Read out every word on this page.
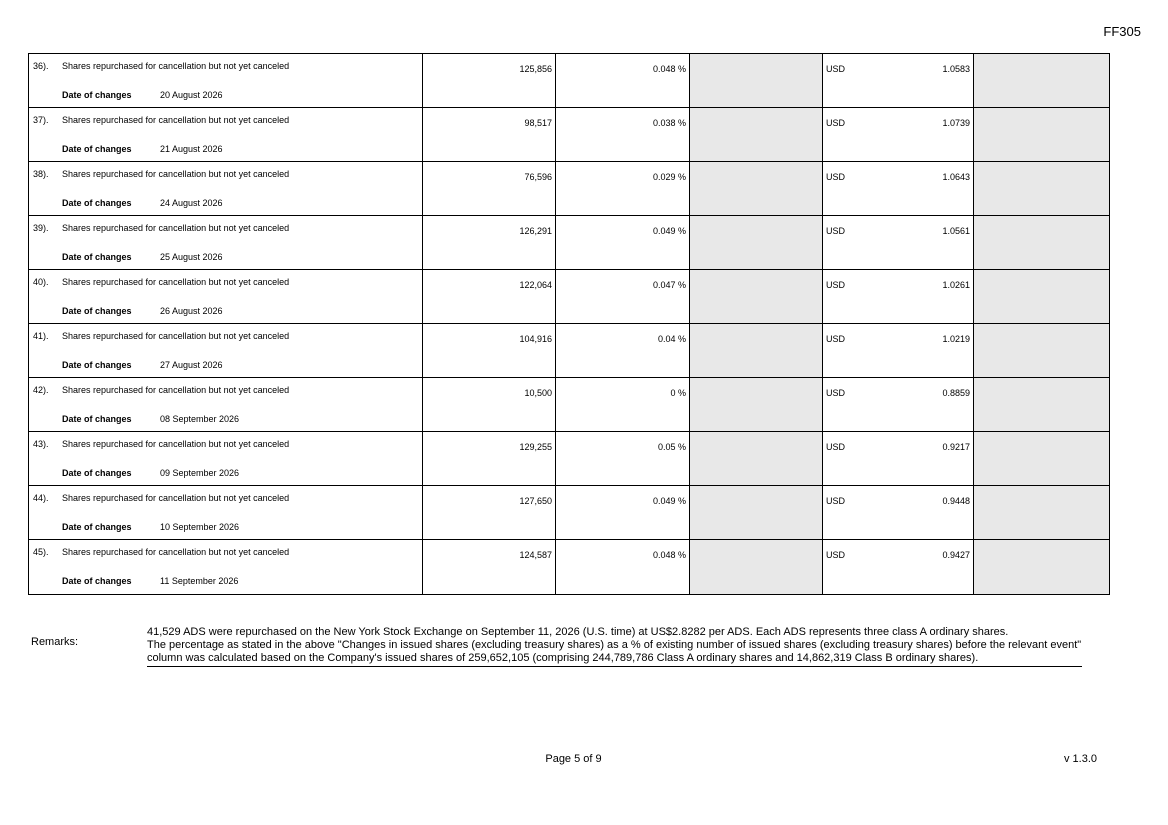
FF305
36). Shares repurchased for cancellation but not yet canceled
Date of changes 20 August 2026	125,856	0.048 %		USD 1.0583	

37). Shares repurchased for cancellation but not yet canceled
Date of changes 21 August 2026	98,517	0.038 %		USD 1.0739	

38). Shares repurchased for cancellation but not yet canceled
Date of changes 24 August 2026	76,596	0.029 %		USD 1.0643	

39). Shares repurchased for cancellation but not yet canceled
Date of changes 25 August 2026	126,291	0.049 %		USD 1.0561	

40). Shares repurchased for cancellation but not yet canceled
Date of changes 26 August 2026	122,064	0.047 %		USD 1.0261	

41). Shares repurchased for cancellation but not yet canceled
Date of changes 27 August 2026	104,916	0.04 %		USD 1.0219	

42). Shares repurchased for cancellation but not yet canceled
Date of changes 08 September 2026	10,500	0 %		USD 0.8859	

43). Shares repurchased for cancellation but not yet canceled
Date of changes 09 September 2026	129,255	0.05 %		USD 0.9217	

44). Shares repurchased for cancellation but not yet canceled
Date of changes 10 September 2026	127,650	0.049 %		USD 0.9448	

45). Shares repurchased for cancellation but not yet canceled
Date of changes 11 September 2026	124,587	0.048 %		USD 0.9427	

Remarks:

41,529 ADS were repurchased on the New York Stock Exchange on September 11, 2026 (U.S. time) at US$2.8282 per ADS. Each ADS represents three class A ordinary shares.

The percentage as stated in the above "Changes in issued shares (excluding treasury shares) as a % of existing number of issued shares (excluding treasury shares) before the relevant event" column was calculated based on the Company's issued shares of 259,652,105 (comprising 244,789,786 Class A ordinary shares and 14,862,319 Class B ordinary shares).

Page 5 of 9	v 1.3.0
